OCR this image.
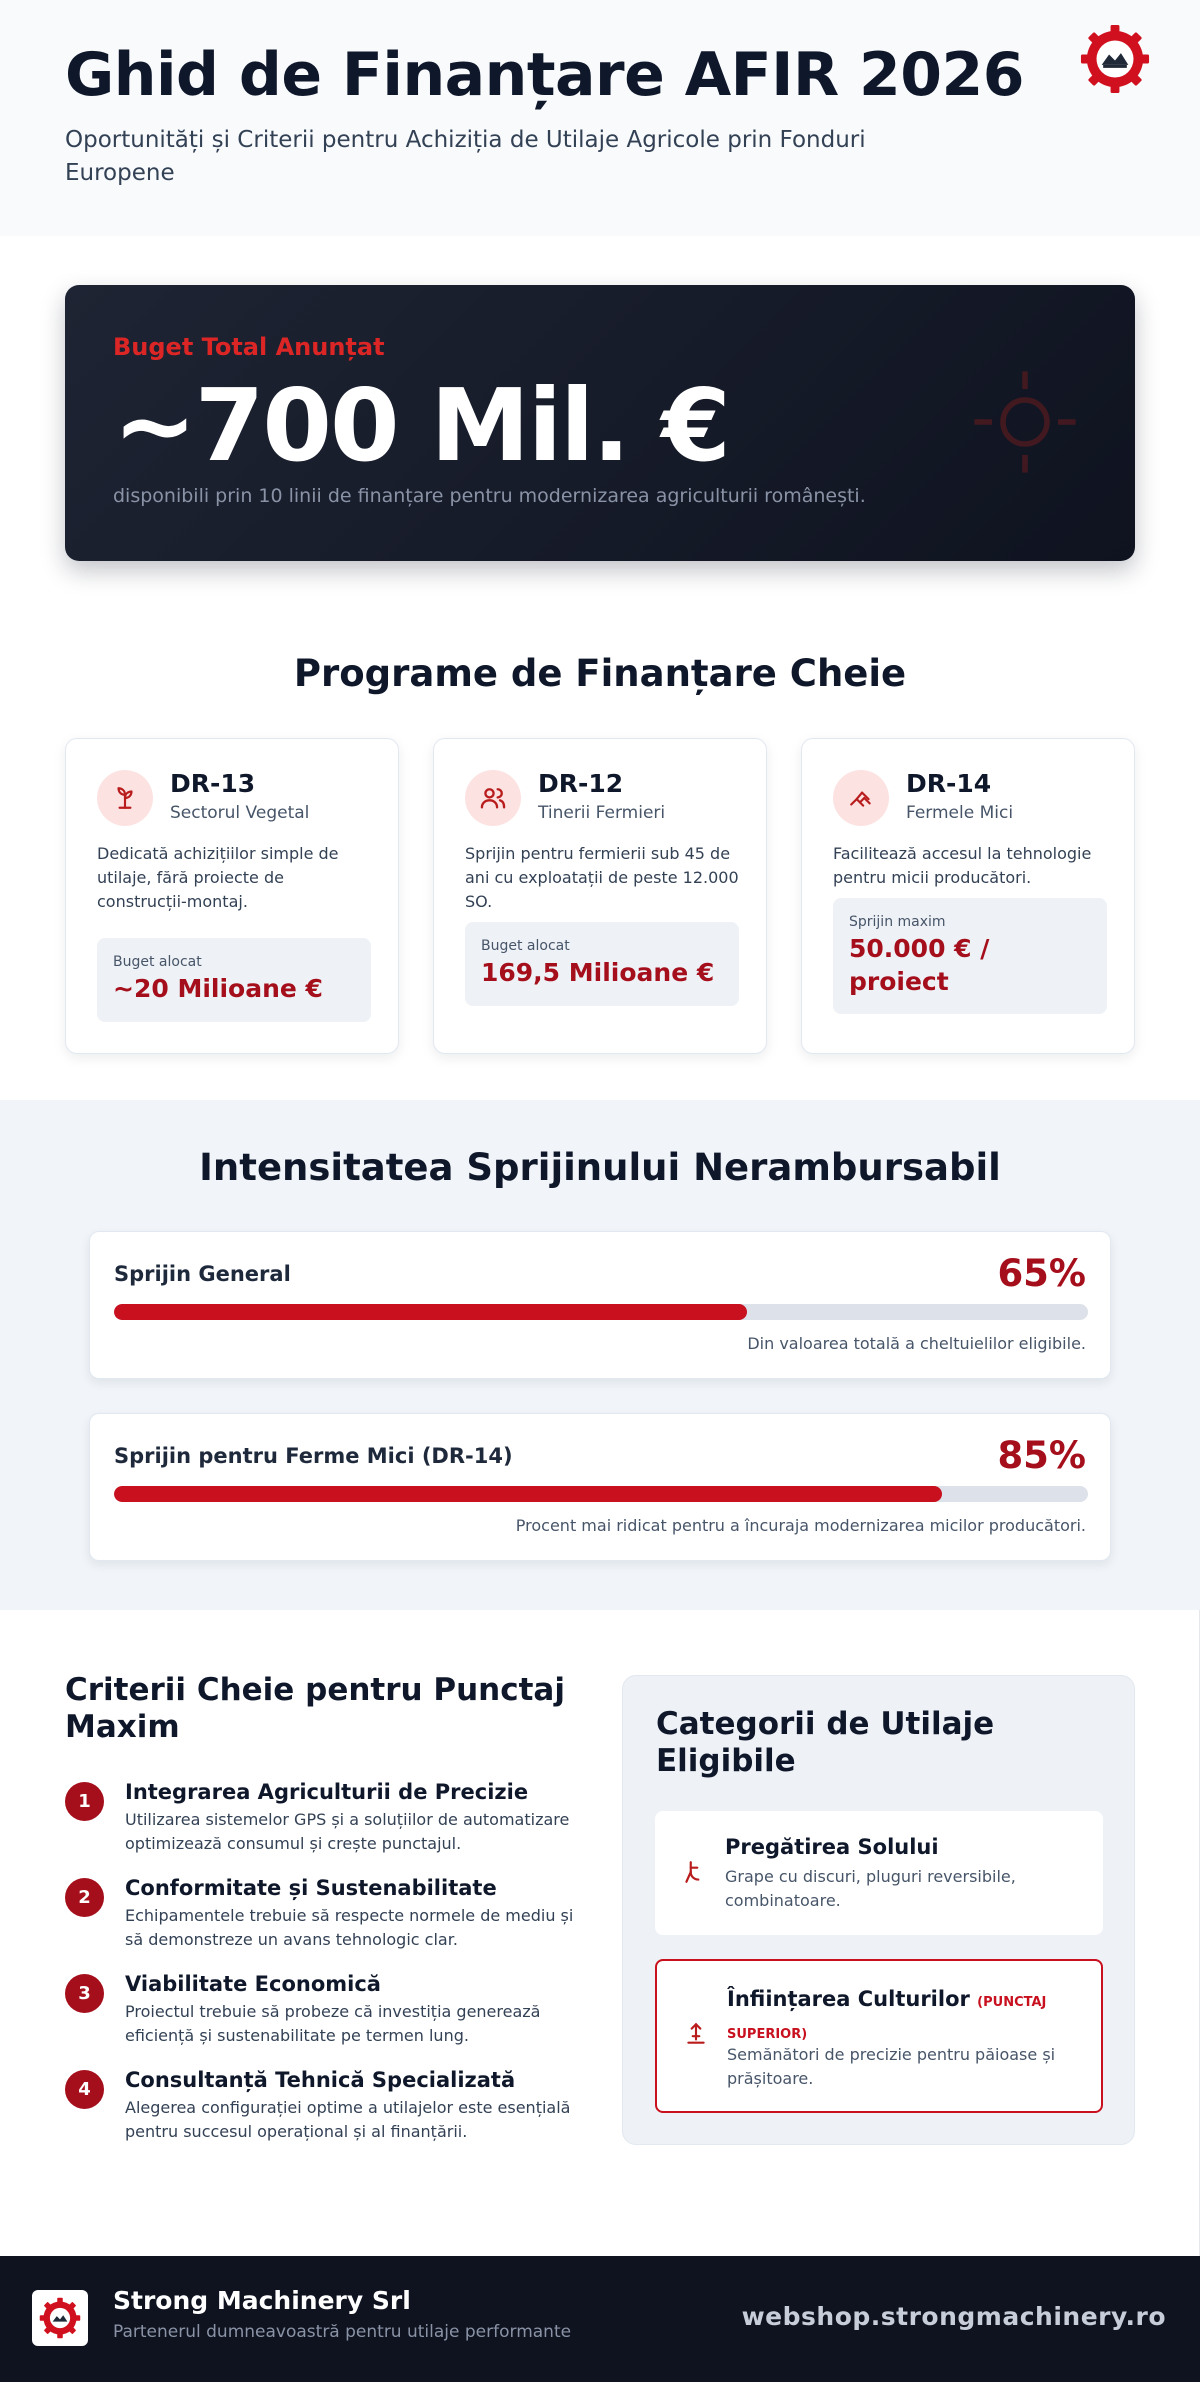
Ghid de Finanțare AFIR 2026

Oportunități și Criterii pentru Achiziția de Utilaje Agricole prin Fonduri Europene

Buget Total Anunțat
~700 Mil. €
disponibili prin 10 linii de finanțare pentru modernizarea agriculturii românești.
Programe de Finanțare Cheie
DR-13
Sectorul Vegetal
Dedicată achizițiilor simple de utilaje, fără proiecte de construcții-montaj.
Buget alocat
~20 Milioane €
DR-12
Tinerii Fermieri
Sprijin pentru fermierii sub 45 de ani cu exploatații de peste 12.000 SO.
Buget alocat
169,5 Milioane €
DR-14
Fermele Mici
Facilitează accesul la tehnologie pentru micii producători.
Sprijin maxim
50.000 € / proiect
Intensitatea Sprijinului Nerambursabil
Sprijin General	65%
Din valoarea totală a cheltuielilor eligibile.
Sprijin pentru Ferme Mici (DR-14)	85%
Procent mai ridicat pentru a încuraja modernizarea micilor producători.
Criterii Cheie pentru Punctaj Maxim
1	Integrarea Agriculturii de Precizie
Utilizarea sistemelor GPS și a soluțiilor de automatizare optimizează consumul și crește punctajul.
2	Conformitate și Sustenabilitate
Echipamentele trebuie să respecte normele de mediu și să demonstreze un avans tehnologic clar.
3	Viabilitate Economică
Proiectul trebuie să probeze că investiția generează eficiență și sustenabilitate pe termen lung.
4	Consultanță Tehnică Specializată
Alegerea configurației optime a utilajelor este esențială pentru succesul operațional și al finanțării.
Categorii de Utilaje Eligibile
Pregătirea Solului
Grape cu discuri, pluguri reversibile, combinatoare.
Înființarea Culturilor (PUNCTAJ SUPERIOR)
Semănători de precizie pentru păioase și prășitoare.
Strong Machinery Srl
Partenerul dumneavoastră pentru utilaje performante
webshop.strongmachinery.ro
